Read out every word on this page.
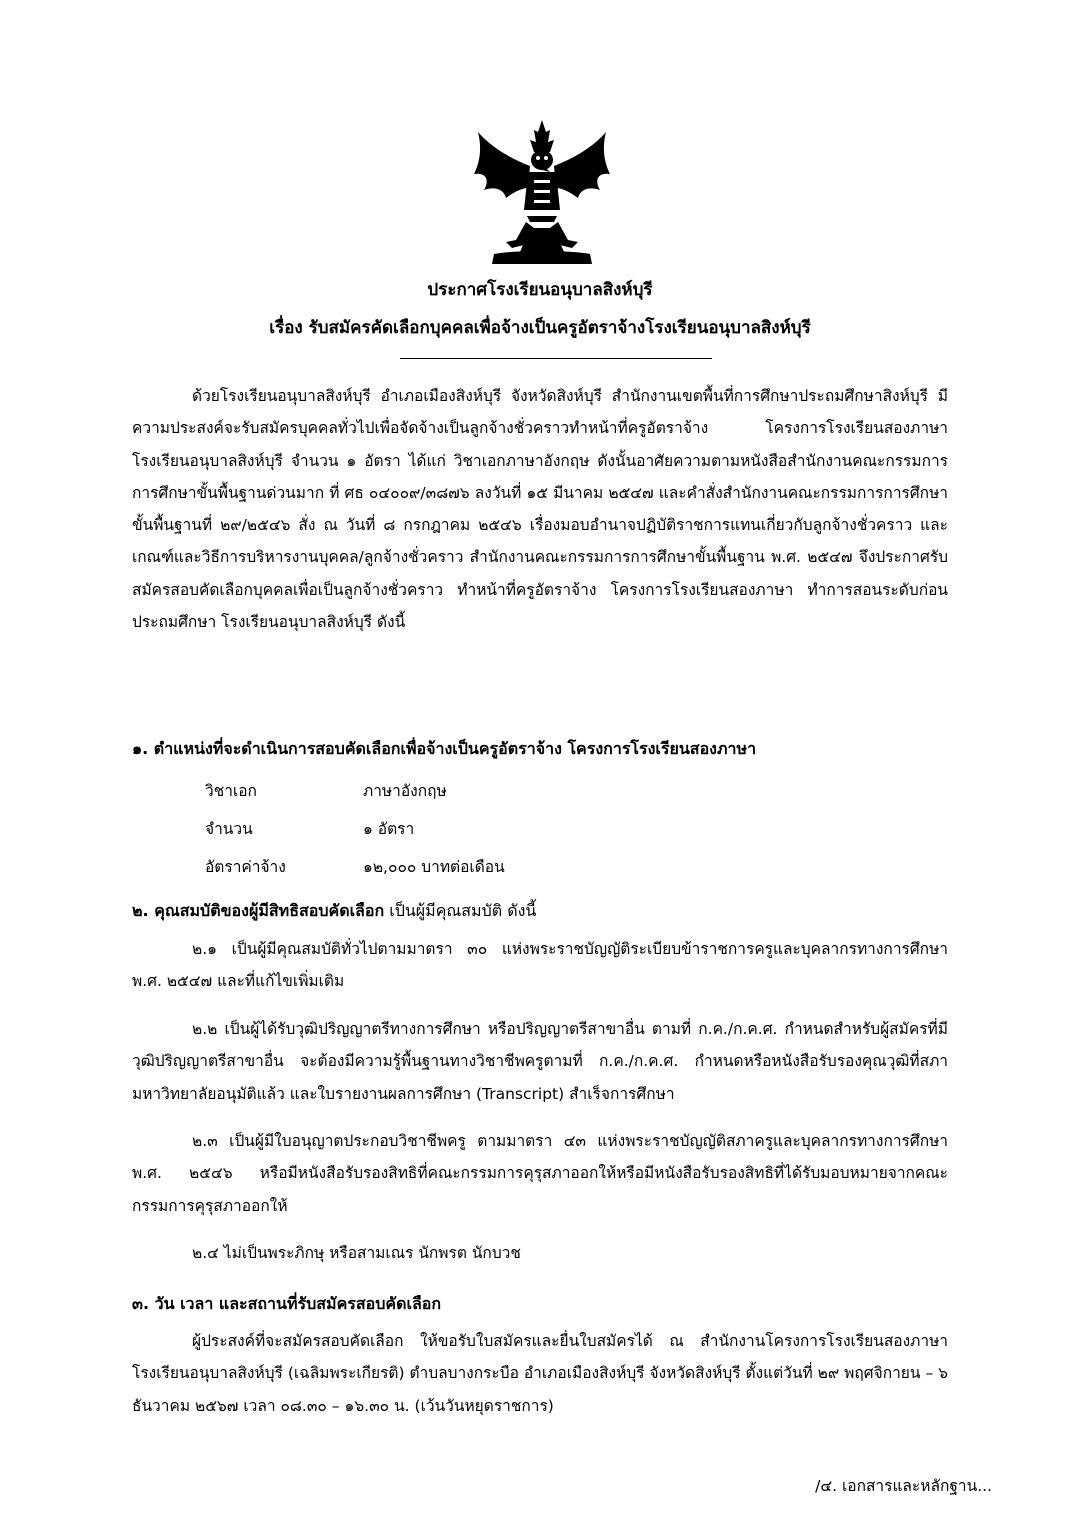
ประกาศโรงเรียนอนุบาลสิงห์บุรี
เรื่อง รับสมัครคัดเลือกบุคคลเพื่อจ้างเป็นครูอัตราจ้างโรงเรียนอนุบาลสิงห์บุรี

ด้วยโรงเรียนอนุบาลสิงห์บุรี อำเภอเมืองสิงห์บุรี จังหวัดสิงห์บุรี สำนักงานเขตพื้นที่การศึกษาประถมศึกษาสิงห์บุรี มีความประสงค์จะรับสมัครบุคคลทั่วไปเพื่อจัดจ้างเป็นลูกจ้างชั่วคราวทำหน้าที่ครูอัตราจ้าง โครงการโรงเรียนสองภาษา โรงเรียนอนุบาลสิงห์บุรี จำนวน ๑ อัตรา ได้แก่ วิชาเอกภาษาอังกฤษ ดังนั้นอาศัยความตามหนังสือสำนักงานคณะกรรมการการศึกษาขั้นพื้นฐานด่วนมาก ที่ ศธ ๐๔๐๐๙/๓๘๗๖ ลงวันที่ ๑๕ มีนาคม ๒๕๔๗ และคำสั่งสำนักงานคณะกรรมการการศึกษาขั้นพื้นฐานที่ ๒๙/๒๕๔๖ สั่ง ณ วันที่ ๘ กรกฎาคม ๒๕๔๖ เรื่องมอบอำนาจปฏิบัติราชการแทนเกี่ยวกับลูกจ้างชั่วคราว และเกณฑ์และวิธีการบริหารงานบุคคล/ลูกจ้างชั่วคราว สำนักงานคณะกรรมการการศึกษาขั้นพื้นฐาน พ.ศ. ๒๕๔๗ จึงประกาศรับสมัครสอบคัดเลือกบุคคลเพื่อเป็นลูกจ้างชั่วคราว ทำหน้าที่ครูอัตราจ้าง โครงการโรงเรียนสองภาษา ทำการสอนระดับก่อนประถมศึกษา โรงเรียนอนุบาลสิงห์บุรี ดังนี้

๑. ตำแหน่งที่จะดำเนินการสอบคัดเลือกเพื่อจ้างเป็นครูอัตราจ้าง โครงการโรงเรียนสองภาษา
วิชาเอก	ภาษาอังกฤษ
จำนวน	๑ อัตรา
อัตราค่าจ้าง	๑๒,๐๐๐ บาทต่อเดือน
๒. คุณสมบัติของผู้มีสิทธิสอบคัดเลือก เป็นผู้มีคุณสมบัติ ดังนี้

๒.๑ เป็นผู้มีคุณสมบัติทั่วไปตามมาตรา ๓๐ แห่งพระราชบัญญัติระเบียบข้าราชการครูและบุคลากรทางการศึกษา พ.ศ. ๒๕๔๗ และที่แก้ไขเพิ่มเติม

๒.๒ เป็นผู้ได้รับวุฒิปริญญาตรีทางการศึกษา หรือปริญญาตรีสาขาอื่น ตามที่ ก.ค./ก.ค.ศ. กำหนดสำหรับผู้สมัครที่มีวุฒิปริญญาตรีสาขาอื่น จะต้องมีความรู้พื้นฐานทางวิชาชีพครูตามที่ ก.ค./ก.ค.ศ. กำหนดหรือหนังสือรับรองคุณวุฒิที่สภามหาวิทยาลัยอนุมัติแล้ว และใบรายงานผลการศึกษา (Transcript) สำเร็จการศึกษา

๒.๓ เป็นผู้มีใบอนุญาตประกอบวิชาชีพครู ตามมาตรา ๔๓ แห่งพระราชบัญญัติสภาครูและบุคลากรทางการศึกษา พ.ศ. ๒๕๔๖ หรือมีหนังสือรับรองสิทธิที่คณะกรรมการคุรุสภาออกให้หรือมีหนังสือรับรองสิทธิที่ได้รับมอบหมายจากคณะกรรมการคุรุสภาออกให้

๒.๔ ไม่เป็นพระภิกษุ หรือสามเณร นักพรต นักบวช

๓. วัน เวลา และสถานที่รับสมัครสอบคัดเลือก

ผู้ประสงค์ที่จะสมัครสอบคัดเลือก ให้ขอรับใบสมัครและยื่นใบสมัครได้ ณ สำนักงานโครงการโรงเรียนสองภาษา โรงเรียนอนุบาลสิงห์บุรี (เฉลิมพระเกียรติ) ตำบลบางกระบือ อำเภอเมืองสิงห์บุรี จังหวัดสิงห์บุรี ตั้งแต่วันที่ ๒๙ พฤศจิกายน – ๖ ธันวาคม ๒๕๖๗ เวลา ๐๘.๓๐ – ๑๖.๓๐ น. (เว้นวันหยุดราชการ)

/๔. เอกสารและหลักฐาน...
